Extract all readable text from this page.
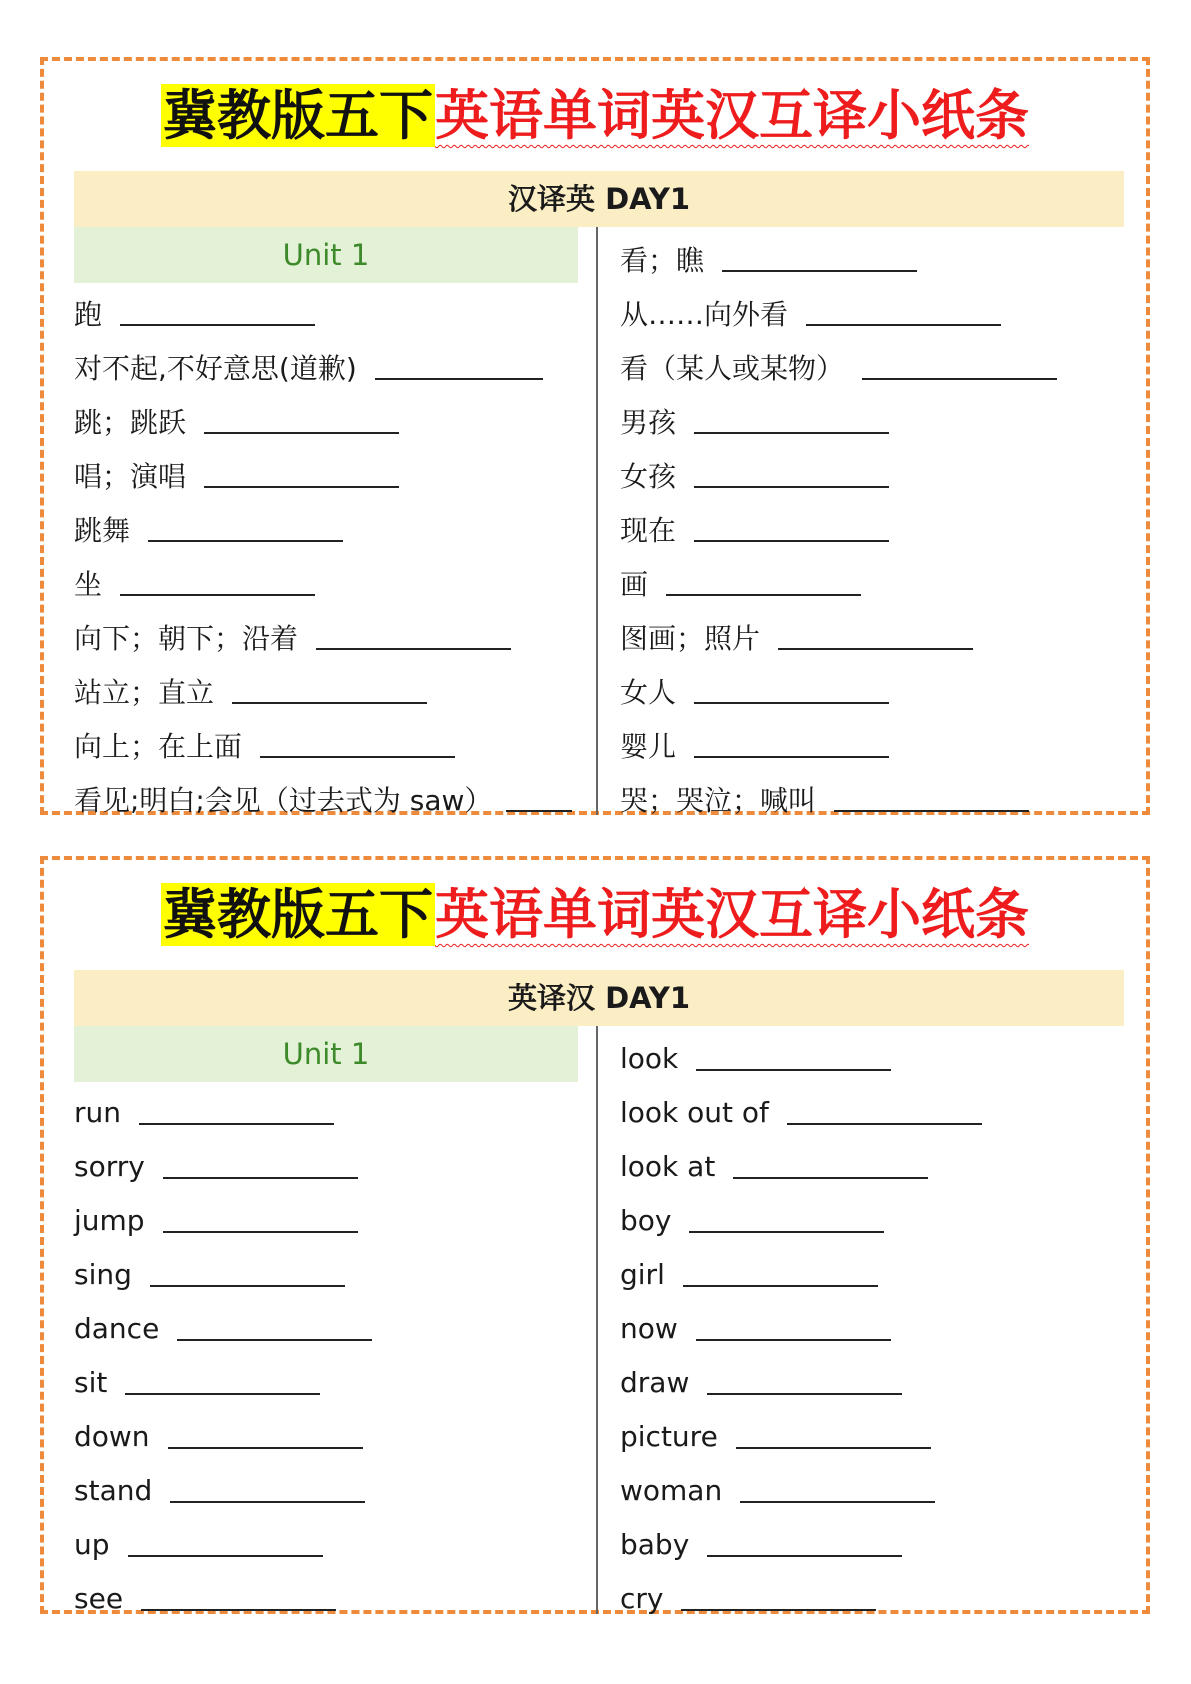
冀教版五下英语单词英汉互译小纸条
汉译英 DAY1
Unit 1
跑
对不起,不好意思(道歉)
跳；跳跃
唱；演唱
跳舞
坐
向下；朝下；沿着
站立；直立
向上；在上面
看见;明白;会见（过去式为 saw）
看；瞧
从……向外看
看（某人或某物）
男孩
女孩
现在
画
图画；照片
女人
婴儿
哭；哭泣；喊叫
冀教版五下英语单词英汉互译小纸条
英译汉 DAY1
Unit 1
run
sorry
jump
sing
dance
sit
down
stand
up
see
look
look out of
look at
boy
girl
now
draw
picture
woman
baby
cry
